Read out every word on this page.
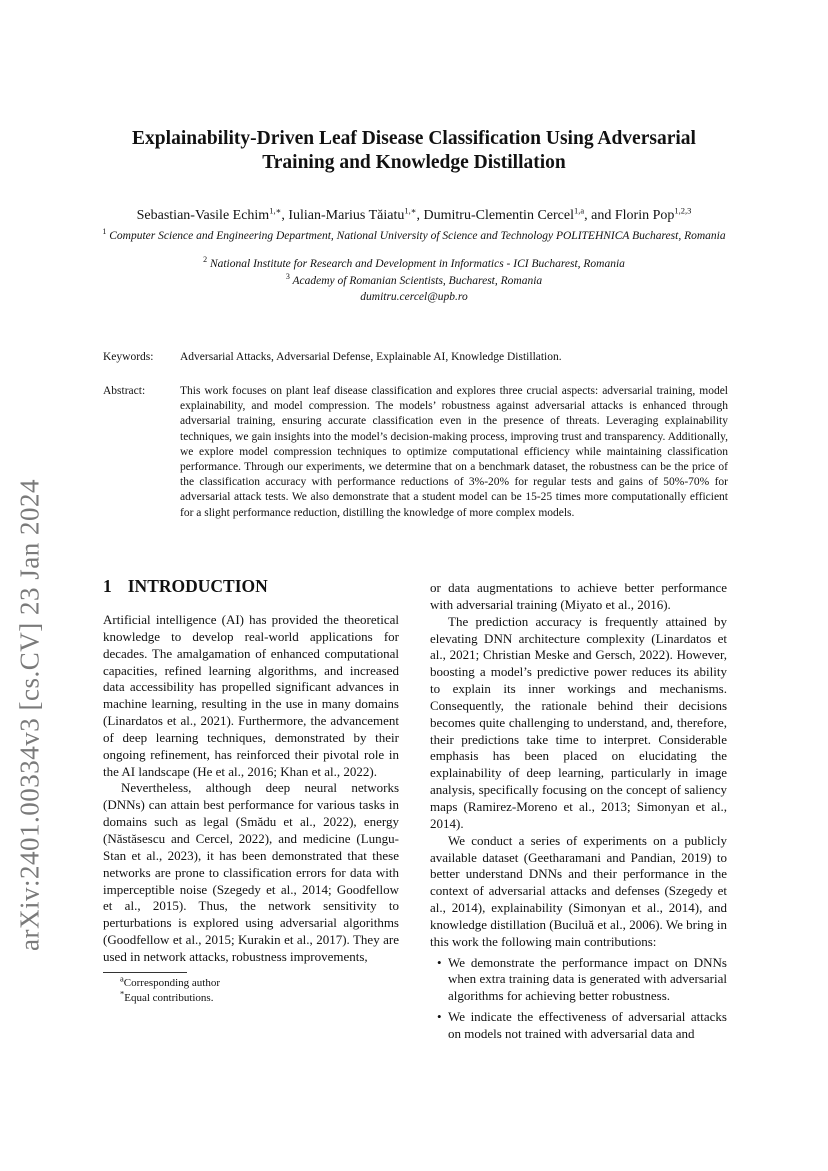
arXiv:2401.00334v3 [cs.CV] 23 Jan 2024
Explainability-Driven Leaf Disease Classification Using Adversarial
Training and Knowledge Distillation

Sebastian-Vasile Echim$^{1,∗}$, Iulian-Marius Tăiatu$^{1,∗}$, Dumitru-Clementin Cercel$^{1,a}$, and Florin Pop$^{1,2,3}$

$^1$ Computer Science and Engineering Department, National University of Science and Technology POLITEHNICA Bucharest, Romania

$^2$ National Institute for Research and Development in Informatics - ICI Bucharest, Romania

$^3$ Academy of Romanian Scientists, Bucharest, Romania

dumitru.cercel@upb.ro

Keywords: Adversarial Attacks, Adversarial Defense, Explainable AI, Knowledge Distillation.
Abstract:	This work focuses on plant leaf disease classification and explores three crucial aspects: adversarial training, model explainability, and model compression. The models’ robustness against adversarial attacks is enhanced through adversarial training, ensuring accurate classification even in the presence of threats. Leveraging explainability techniques, we gain insights into the model’s decision-making process, improving trust and transparency. Additionally, we explore model compression techniques to optimize computational efficiency while maintaining classification performance. Through our experiments, we determine that on a benchmark dataset, the robustness can be the price of the classification accuracy with performance reductions of 3%-20% for regular tests and gains of 50%-70% for adversarial attack tests. We also demonstrate that a student model can be 15-25 times more computationally efficient for a slight performance reduction, distilling the knowledge of more complex models.

1 INTRODUCTION

Artificial intelligence (AI) has provided the theoretical knowledge to develop real-world applications for decades. The amalgamation of enhanced computational capacities, refined learning algorithms, and increased data accessibility has propelled significant advances in machine learning, resulting in the use in many domains (Linardatos et al., 2021). Furthermore, the advancement of deep learning techniques, demonstrated by their ongoing refinement, has reinforced their pivotal role in the AI landscape (He et al., 2016; Khan et al., 2022).

Nevertheless, although deep neural networks (DNNs) can attain best performance for various tasks in domains such as legal (Smădu et al., 2022), energy (Năstăsescu and Cercel, 2022), and medicine (Lungu-Stan et al., 2023), it has been demonstrated that these networks are prone to classification errors for data with imperceptible noise (Szegedy et al., 2014; Goodfellow et al., 2015). Thus, the network sensitivity to perturbations is explored using adversarial algorithms (Goodfellow et al., 2015; Kurakin et al., 2017). They are used in network attacks, robustness improvements,

or data augmentations to achieve better performance with adversarial training (Miyato et al., 2016).

The prediction accuracy is frequently attained by elevating DNN architecture complexity (Linardatos et al., 2021; Christian Meske and Gersch, 2022). However, boosting a model’s predictive power reduces its ability to explain its inner workings and mechanisms. Consequently, the rationale behind their decisions becomes quite challenging to understand, and, therefore, their predictions take time to interpret. Considerable emphasis has been placed on elucidating the explainability of deep learning, particularly in image analysis, specifically focusing on the concept of saliency maps (Ramirez-Moreno et al., 2013; Simonyan et al., 2014).

We conduct a series of experiments on a publicly available dataset (Geetharamani and Pandian, 2019) to better understand DNNs and their performance in the context of adversarial attacks and defenses (Szegedy et al., 2014), explainability (Simonyan et al., 2014), and knowledge distillation (Buciluă et al., 2006). We bring in this work the following main contributions:

• We demonstrate the performance impact on DNNs when extra training data is generated with adversarial algorithms for achieving better robustness.
• We indicate the effectiveness of adversarial attacks on models not trained with adversarial data and
$^a$Corresponding author
*Equal contributions.
